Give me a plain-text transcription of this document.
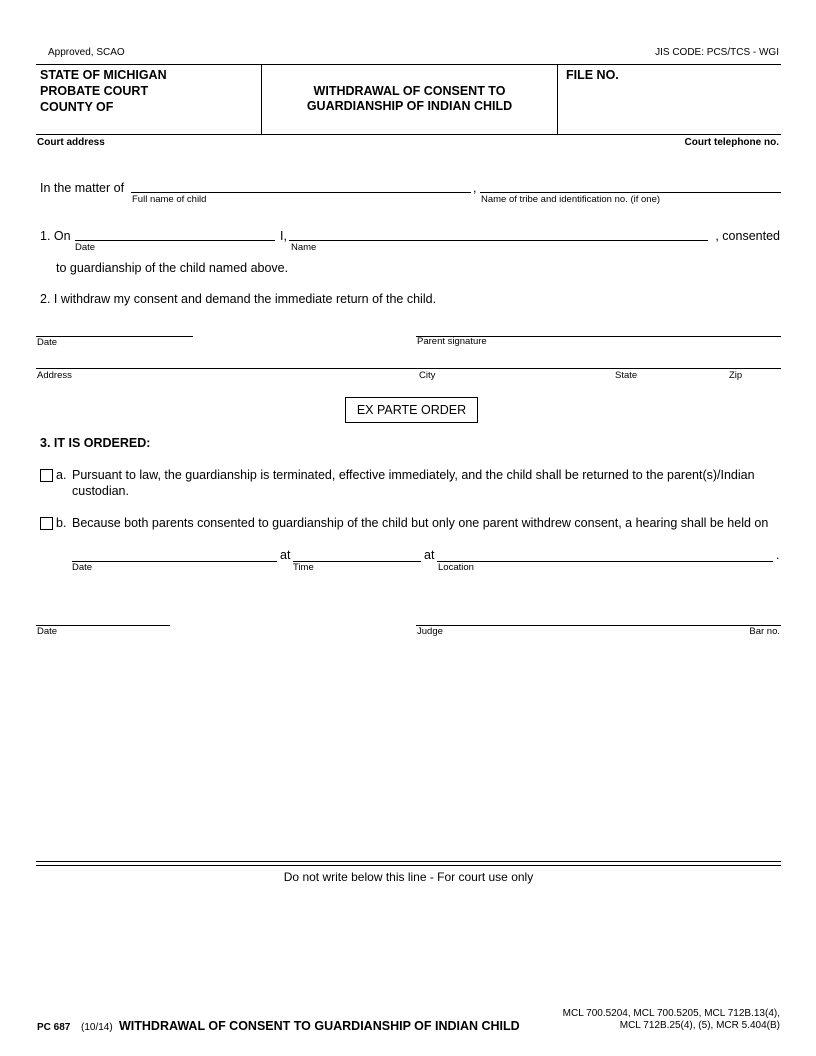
Approved, SCAO	JIS CODE: PCS/TCS - WGI
STATE OF MICHIGAN
PROBATE COURT
COUNTY OF
WITHDRAWAL OF CONSENT TO
GUARDIANSHIP OF INDIAN CHILD
FILE NO.
Court address	Court telephone no.
In the matter of	,
Full name of child	Name of tribe and identification no. (if one)
1. On	I,	, consented
Date	Name
to guardianship of the child named above.
2. I withdraw my consent and demand the immediate return of the child.
Date	Parent signature
Address	City	State	Zip
EX PARTE ORDER
3. IT IS ORDERED:
a. Pursuant to law, the guardianship is terminated, effective immediately, and the child shall be returned to the parent(s)/Indian
custodian.
b. Because both parents consented to guardianship of the child but only one parent withdrew consent, a hearing shall be held on
at	at	.
Date	Time	Location
Date	Judge	Bar no.
Do not write below this line - For court use only
PC 687 (10/14) WITHDRAWAL OF CONSENT TO GUARDIANSHIP OF INDIAN CHILD
MCL 700.5204, MCL 700.5205, MCL 712B.13(4),
MCL 712B.25(4), (5), MCR 5.404(B)
